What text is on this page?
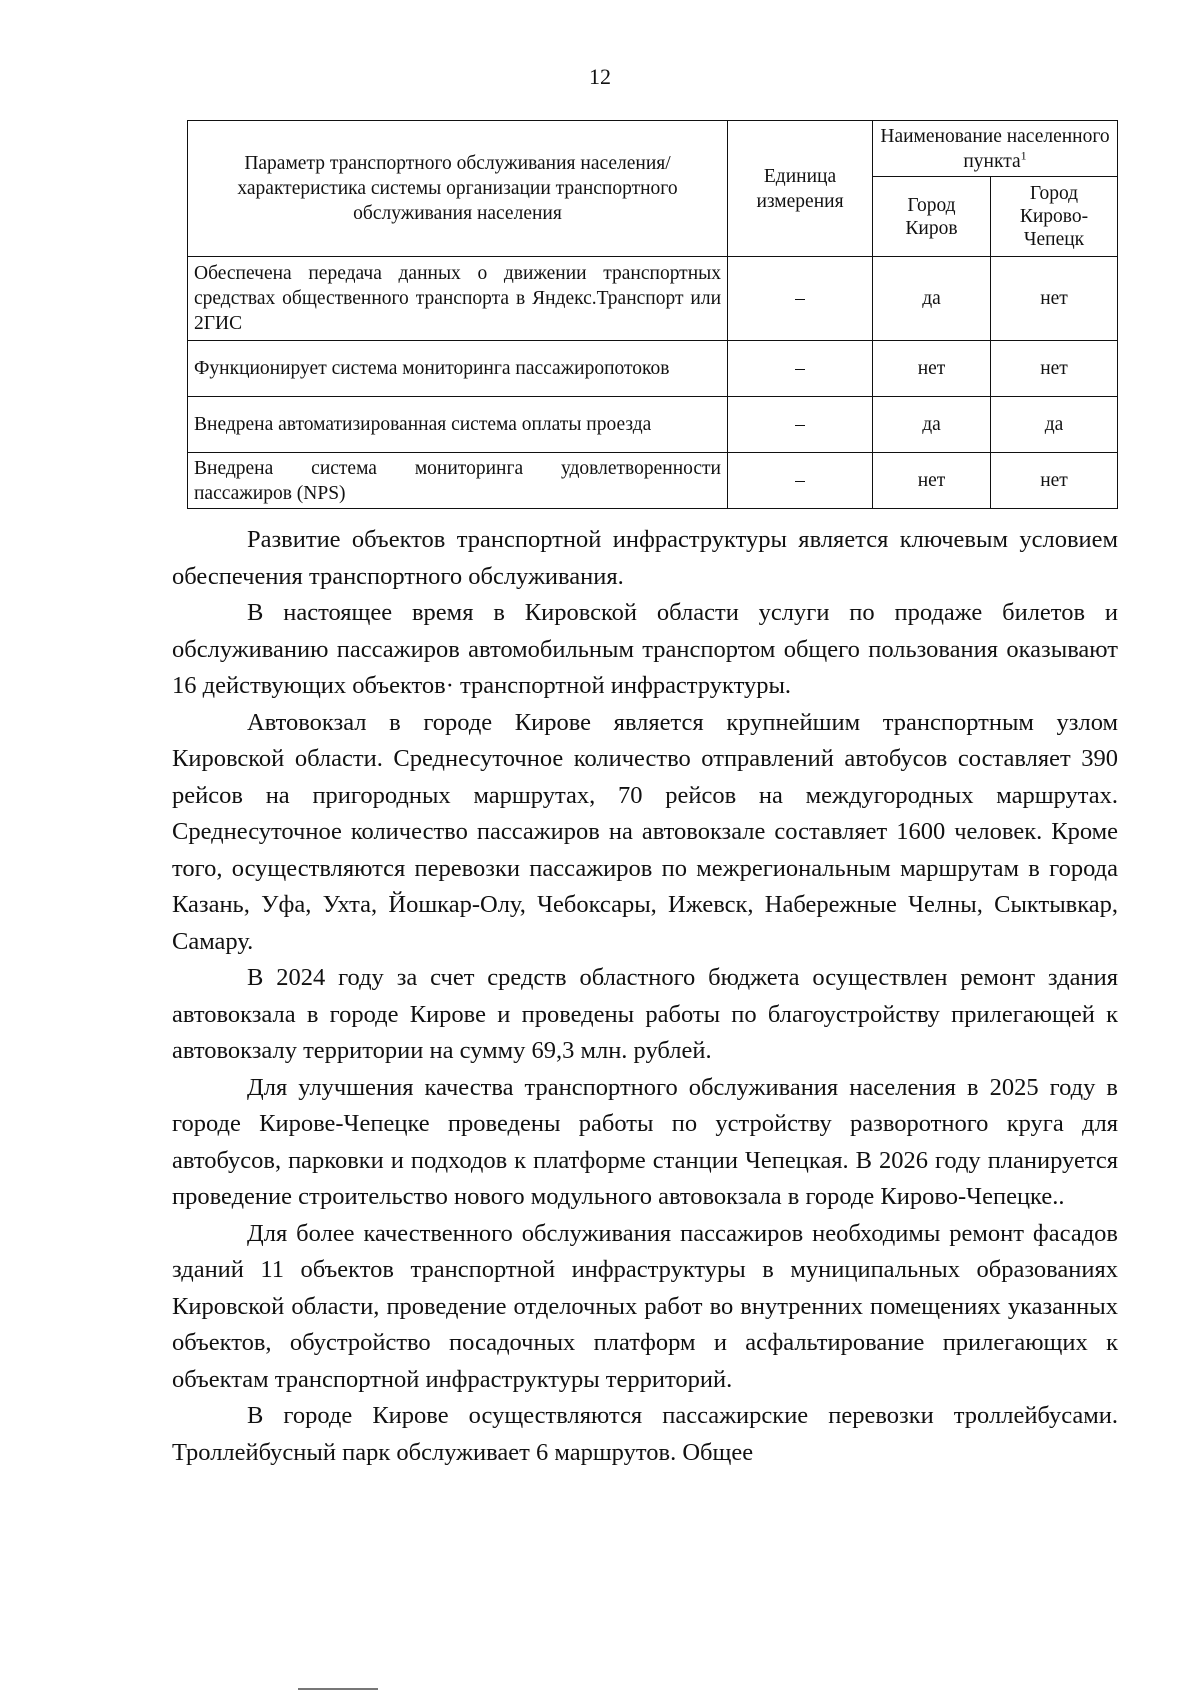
12
Параметр транспортного обслуживания населения/ характеристика системы организации транспортного обслуживания населения	Единица измерения	Наименование населенного пункта$^1$
		Город Киров	Город Кирово-Чепецк
Обеспечена передача данных о движении транспортных средствах общественного транспорта в Яндекс.Транспорт или 2ГИС	–	да	нет
Функционирует система мониторинга пассажиропотоков	–	нет	нет
Внедрена автоматизированная система оплаты проезда	–	да	да
Внедрена система мониторинга удовлетворенности пассажиров (NPS)	–	нет	нет

Развитие объектов транспортной инфраструктуры является ключевым условием обеспечения транспортного обслуживания.

В настоящее время в Кировской области услуги по продаже билетов и обслуживанию пассажиров автомобильным транспортом общего пользования оказывают 16 действующих объектов· транспортной инфраструктуры.

Автовокзал в городе Кирове является крупнейшим транспортным узлом Кировской области. Среднесуточное количество отправлений автобусов составляет 390 рейсов на пригородных маршрутах, 70 рейсов на междугородных маршрутах. Среднесуточное количество пассажиров на автовокзале составляет 1600 человек. Кроме того, осуществляются перевозки пассажиров по межрегиональным маршрутам в города Казань, Уфа, Ухта, Йошкар-Олу, Чебоксары, Ижевск, Набережные Челны, Сыктывкар, Самару.

В 2024 году за счет средств областного бюджета осуществлен ремонт здания автовокзала в городе Кирове и проведены работы по благоустройству прилегающей к автовокзалу территории на сумму 69,3 млн. рублей.

Для улучшения качества транспортного обслуживания населения в 2025 году в городе Кирове-Чепецке проведены работы по устройству разворотного круга для автобусов, парковки и подходов к платформе станции Чепецкая. В 2026 году планируется проведение строительство нового модульного автовокзала в городе Кирово-Чепецке..

Для более качественного обслуживания пассажиров необходимы ремонт фасадов зданий 11 объектов транспортной инфраструктуры в муниципальных образованиях Кировской области, проведение отделочных работ во внутренних помещениях указанных объектов, обустройство посадочных платформ и асфальтирование прилегающих к объектам транспортной инфраструктуры территорий.

В городе Кирове осуществляются пассажирские перевозки троллейбусами. Троллейбусный парк обслуживает 6 маршрутов. Общее
